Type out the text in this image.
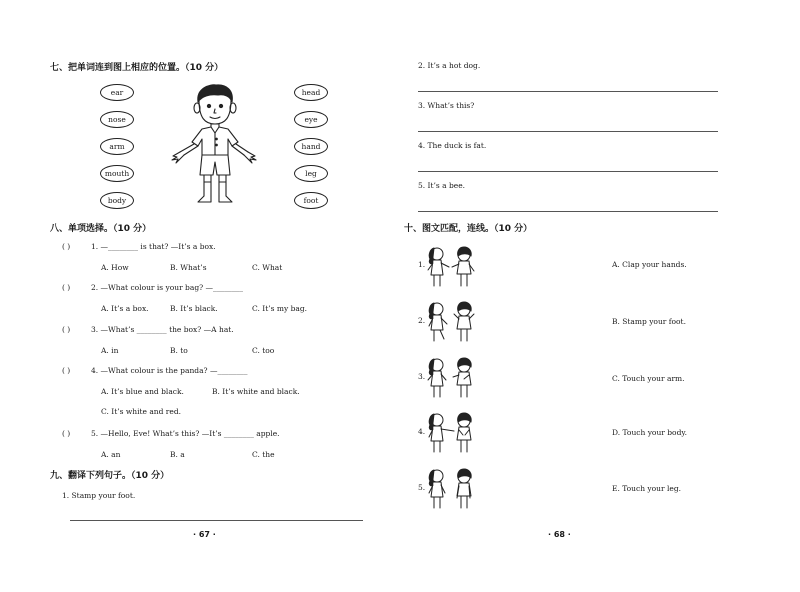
七、把单词连到图上相应的位置。（10 分）
ear
nose
arm
mouth
body
head
eye
hand
leg
foot
八、单项选择。（10 分）
( )	1. —________ is that? —It’s a box.
A. How	B. What’s	C. What
( )	2. —What colour is your bag? —________
A. It’s a box.	B. It’s black.	C. It’s my bag.
( )	3. —What’s ________ the box? —A hat.
A. in	B. to	C. too
( )	4. —What colour is the panda? —________
A. It’s blue and black.	B. It’s white and black.
C. It’s white and red.
( )	5. —Hello, Eve! What’s this? —It’s ________ apple.
A. an	B. a	C. the
九、翻译下列句子。（10 分）
1. Stamp your foot.
· 67 ·
2. It’s a hot dog.
3. What’s this?
4. The duck is fat.
5. It’s a bee.
十、图文匹配，连线。（10 分）
1.
2.
3.
4.
5.
A. Clap your hands.
B. Stamp your foot.
C. Touch your arm.
D. Touch your body.
E. Touch your leg.
· 68 ·
